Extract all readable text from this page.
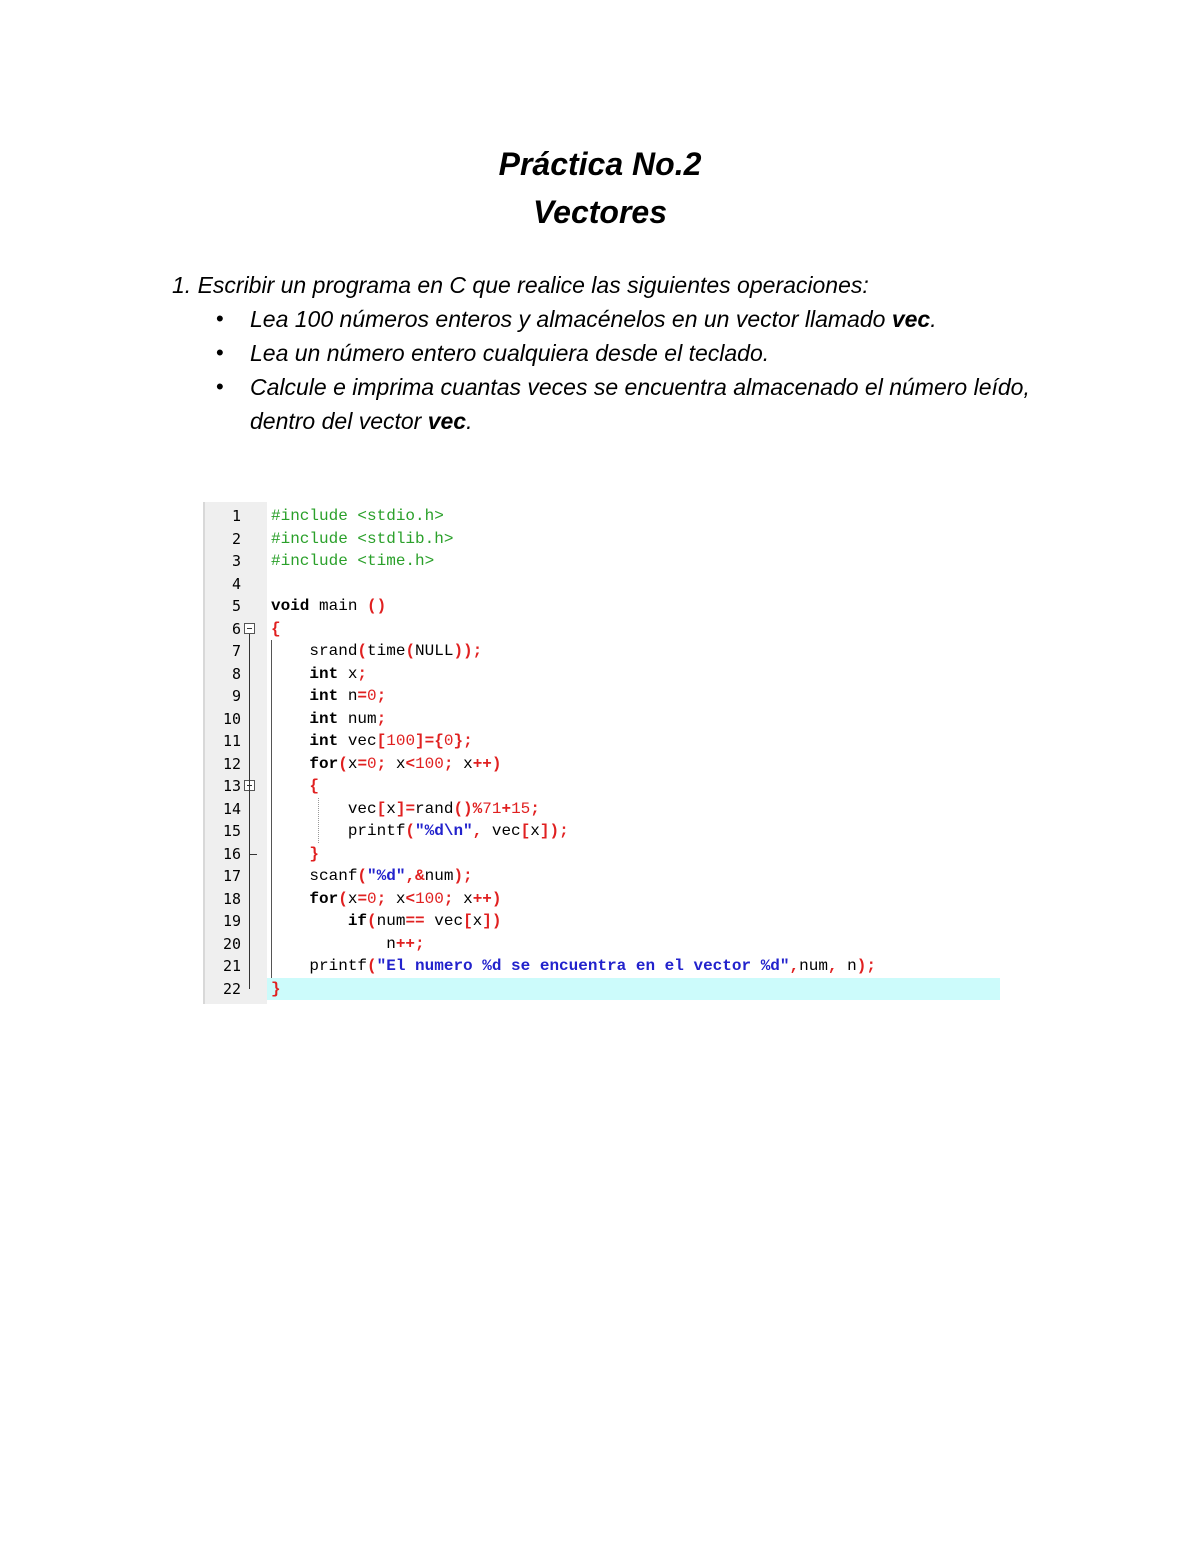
Práctica No.2
Vectores

1. Escribir un programa en C que realice las siguientes operaciones:

• Lea 100 números enteros y almacénelos en un vector llamado vec.
• Lea un número entero cualquiera desde el teclado.
• Calcule e imprima cuantas veces se encuentra almacenado el número leído, dentro del vector vec.
1 #include <stdio.h>
2 #include <stdlib.h>
3 #include <time.h>
4
5 void main ()
6 {
7 srand(time(NULL));
8 int x;
9 int n=0;
10 int num;
11 int vec[100]={0};
12 for(x=0; x<100; x++)
13 {
14 vec[x]=rand()%71+15;
15 printf("%d\n", vec[x]);
16 }
17 scanf("%d",&num);
18 for(x=0; x<100; x++)
19 if(num== vec[x])
20 n++;
21 printf("El numero %d se encuentra en el vector %d",num, n);
22 }
